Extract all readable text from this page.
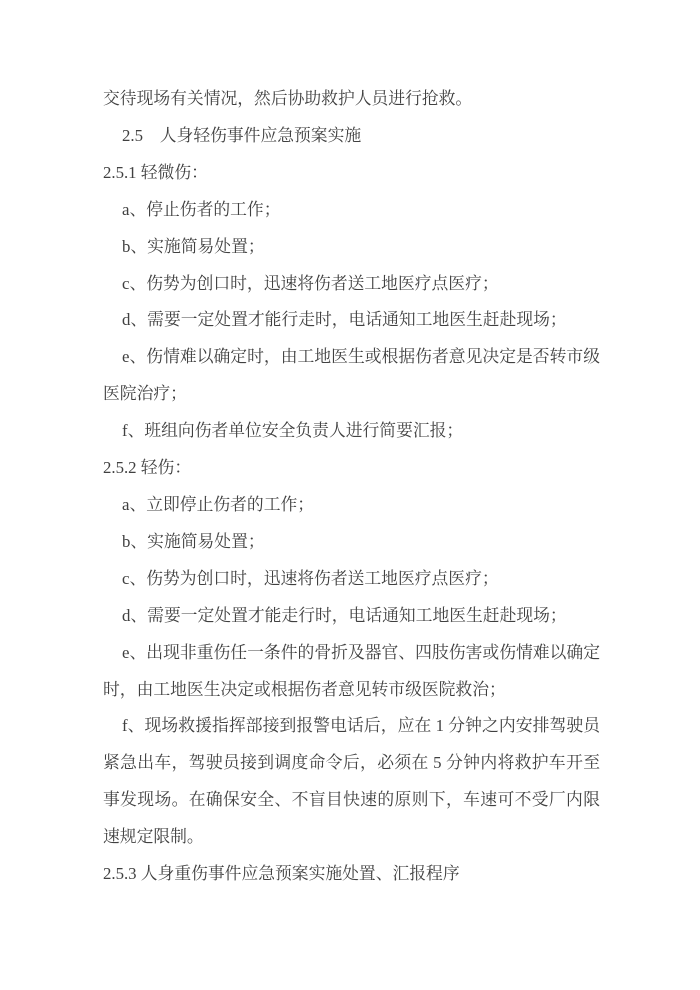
交待现场有关情况，然后协助救护人员进行抢救。

2.5　人身轻伤事件应急预案实施

2.5.1 轻微伤：

a、停止伤者的工作；

b、实施简易处置；

c、伤势为创口时，迅速将伤者送工地医疗点医疗；

d、需要一定处置才能行走时，电话通知工地医生赶赴现场；

e、伤情难以确定时，由工地医生或根据伤者意见决定是否转市级医院治疗；

f、班组向伤者单位安全负责人进行简要汇报；

2.5.2 轻伤：

a、立即停止伤者的工作；

b、实施简易处置；

c、伤势为创口时，迅速将伤者送工地医疗点医疗；

d、需要一定处置才能走行时，电话通知工地医生赶赴现场；

e、出现非重伤任一条件的骨折及器官、四肢伤害或伤情难以确定时，由工地医生决定或根据伤者意见转市级医院救治；

f、现场救援指挥部接到报警电话后，应在 1 分钟之内安排驾驶员紧急出车，驾驶员接到调度命令后，必须在 5 分钟内将救护车开至事发现场。在确保安全、不盲目快速的原则下，车速可不受厂内限速规定限制。

2.5.3 人身重伤事件应急预案实施处置、汇报程序
